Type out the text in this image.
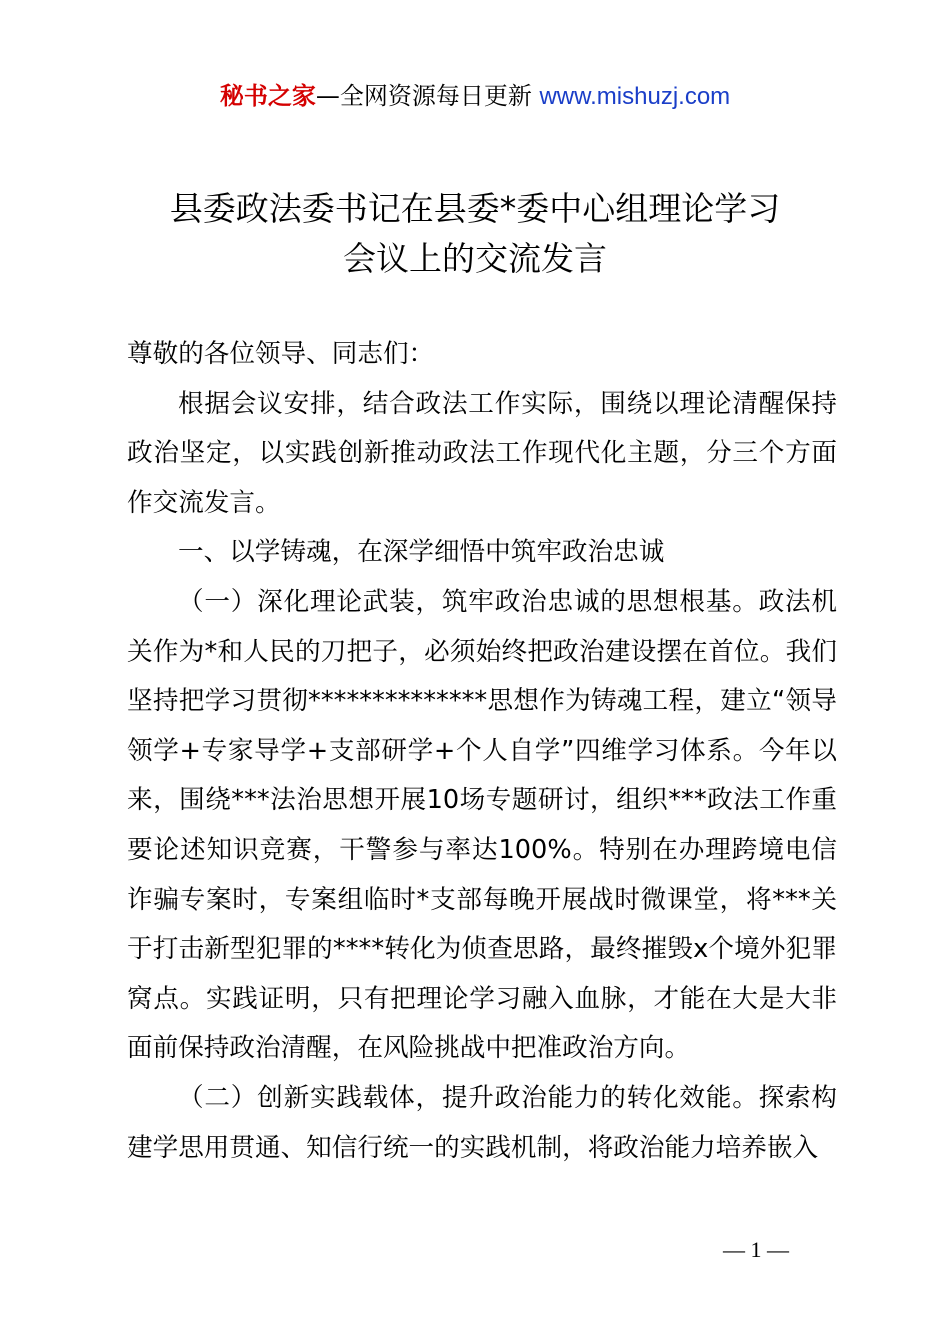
秘书之家—全网资源每日更新 www.mishuzj.com
县委政法委书记在县委*委中心组理论学习
会议上的交流发言

尊敬的各位领导、同志们：

根据会议安排，结合政法工作实际，围绕以理论清醒保持政治坚定，以实践创新推动政法工作现代化主题，分三个方面作交流发言。

一、以学铸魂，在深学细悟中筑牢政治忠诚

（一）深化理论武装，筑牢政治忠诚的思想根基。政法机关作为*和人民的刀把子，必须始终把政治建设摆在首位。我们坚持把学习贯彻**************思想作为铸魂工程，建立“领导领学+专家导学+支部研学+个人自学”四维学习体系。今年以来，围绕***法治思想开展10场专题研讨，组织***政法工作重要论述知识竞赛，干警参与率达100%。特别在办理跨境电信诈骗专案时，专案组临时*支部每晚开展战时微课堂，将***关于打击新型犯罪的****转化为侦查思路，最终摧毁x个境外犯罪窝点。实践证明，只有把理论学习融入血脉，才能在大是大非面前保持政治清醒，在风险挑战中把准政治方向。

（二）创新实践载体，提升政治能力的转化效能。探索构建学思用贯通、知信行统一的实践机制，将政治能力培养嵌入

— 1 —
